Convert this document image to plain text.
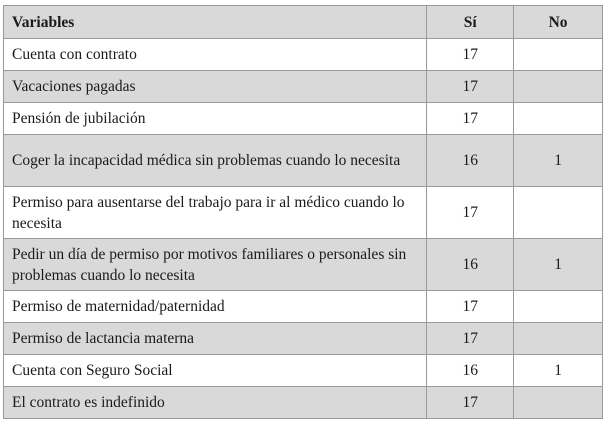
Variables	Sí	No
Cuenta con contrato	17	
Vacaciones pagadas	17	
Pensión de jubilación	17	
Coger la incapacidad médica sin problemas cuando lo necesita	16	1
Permiso para ausentarse del trabajo para ir al médico cuando lo necesita	17	
Pedir un día de permiso por motivos familiares o personales sin problemas cuando lo necesita	16	1
Permiso de maternidad/paternidad	17	
Permiso de lactancia materna	17	
Cuenta con Seguro Social	16	1
El contrato es indefinido	17	
